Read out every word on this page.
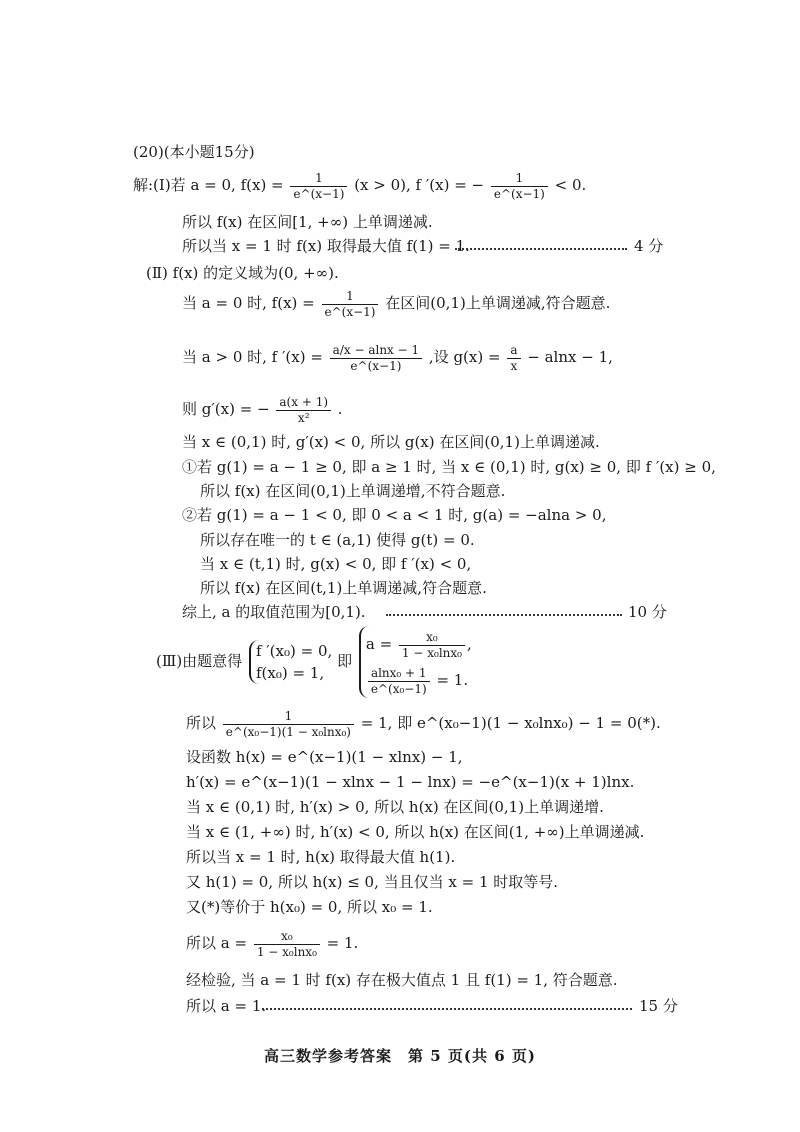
(20)(本小题15分)
解:(Ⅰ)若 a = 0, $f(x) = \frac{1}{e\^{}(x-1)} (x > 0)$, f ′(x) = − $\frac{1}{e\^{}(x-1)} < 0$.
所以 f(x) 在区间[1, +∞) 上单调递减.
所以当 x = 1 时 f(x) 取得最大值 f(1) = 1.	4 分
(Ⅱ) f(x) 的定义域为(0, +∞).
当 a = 0 时, $f(x) = \frac{1}{e\^{}(x-1)}$ 在区间(0,1)上单调递减,符合题意.
当 a > 0 时, f $'(x) = \frac{a/x - alnx - 1}{e\^{}(x-1)}$ ,设 $g(x) = \frac{a}{x} - alnx - 1$,
则 g′(x) = − $\frac{a(x + 1)}{\text{x²}}$ .
当 x ∈ (0,1) 时, g′(x) < 0, 所以 g(x) 在区间(0,1)上单调递减.
①若 g(1) = a − 1 ≥ 0, 即 a ≥ 1 时, 当 x ∈ (0,1) 时, g(x) ≥ 0, 即 f ′(x) ≥ 0,
所以 f(x) 在区间(0,1)上单调递增,不符合题意.
②若 g(1) = a − 1 < 0, 即 0 < a < 1 时, g(a) = −alna > 0,
所以存在唯一的 t ∈ (a,1) 使得 g(t) = 0.
当 x ∈ (t,1) 时, g(x) < 0, 即 f ′(x) < 0,
所以 f(x) 在区间(t,1)上单调递减,符合题意.
综上, a 的取值范围为[0,1).	10 分
(Ⅲ)由题意得
f ′(x₀) = 0,
f(x₀) = 1,
即
$a = \frac{\text{x₀}}{\text{1 − x₀lnx₀}}$ ,
$\frac{\text{alnx₀ + 1}}{\text{e\textasciicircum{}(x₀−1)}} = 1$.
所以 $\frac{1}{\text{e\textasciicircum{}(x₀−1)(1 − x₀lnx₀)}} = 1$, 即 e^(x₀−1)(1 − x₀lnx₀) − 1 = 0(*).
设函数 h(x) = e^(x−1)(1 − xlnx) − 1,
h′(x) = e^(x−1)(1 − xlnx − 1 − lnx) = −e^(x−1)(x + 1)lnx.
当 x ∈ (0,1) 时, h′(x) > 0, 所以 h(x) 在区间(0,1)上单调递增.
当 x ∈ (1, +∞) 时, h′(x) < 0, 所以 h(x) 在区间(1, +∞)上单调递减.
所以当 x = 1 时, h(x) 取得最大值 h(1).
又 h(1) = 0, 所以 h(x) ≤ 0, 当且仅当 x = 1 时取等号.
又(*)等价于 h(x₀) = 0, 所以 x₀ = 1.
所以 $a = \frac{\text{x₀}}{\text{1 − x₀lnx₀}} = 1$.
经检验, 当 a = 1 时 f(x) 存在极大值点 1 且 f(1) = 1, 符合题意.
所以 a = 1.	15 分
高三数学参考答案　第 5 页(共 6 页)
